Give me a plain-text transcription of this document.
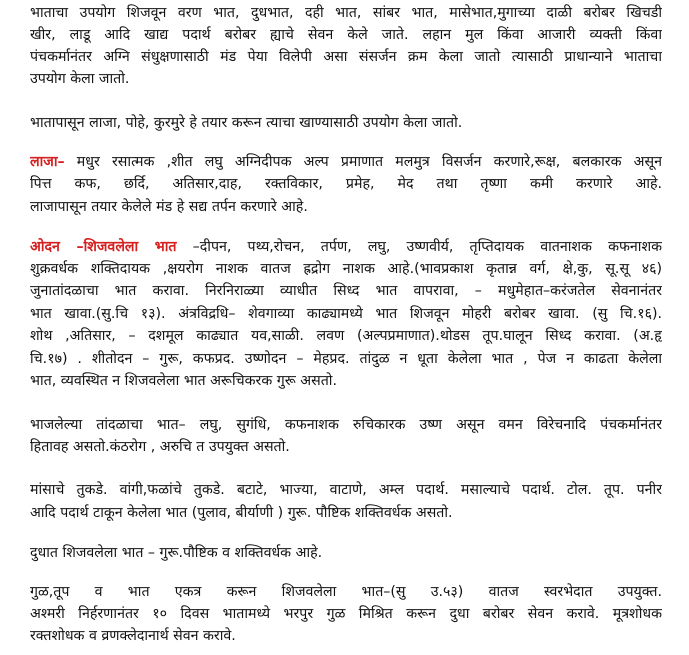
भाताचा उपयोग शिजवून वरण भात, दुधभात, दही भात, सांबर भात, मासेभात,मुगाच्या दाळी बरोबर खिचडी
खीर, लाडू आदि खाद्य पदार्थ बरोबर ह्याचे सेवन केले जाते. लहान मुल किंवा आजारी व्यक्ती किंवा
पंचकर्मानंतर अग्नि संधुक्षणासाठी मंड पेया विलेपी असा संसर्जन क्रम केला जातो त्यासाठी प्राधान्याने भाताचा
उपयोग केला जातो.
भातापासून लाजा, पोहे, कुरमुरे हे तयार करून त्याचा खाण्यासाठी उपयोग केला जातो.
लाजा– मधुर रसात्मक ,शीत लघु अग्निदीपक अल्प प्रमाणात मलमुत्र विसर्जन करणारे,रूक्ष, बलकारक असून
पित्त कफ, छर्दि, अतिसार,दाह, रक्तविकार, प्रमेह, मेद तथा तृष्णा कमी करणारे आहे.
लाजापासून तयार केलेले मंड हे सद्य तर्पन करणारे आहे.
ओदन –शिजवलेला भात –दीपन, पथ्य,रोचन, तर्पण, लघु, उष्णवीर्य, तृप्तिदायक वातनाशक कफनाशक
शुक्रवर्धक शक्तिदायक ,क्षयरोग नाशक वातज ह्रद्रोग नाशक आहे.(भावप्रकाश कृतान्न वर्ग, क्षे,कु, सू.सू ४६)
जुनातांदळाचा भात करावा. निरनिराळ्या व्याधीत सिध्द भात वापरावा, – मधुमेहात–करंजतेल सेवनानंतर
भात खावा.(सु.चि १३). अंत्रविद्रधि– शेवगाव्या काढ्यामध्ये भात शिजवून मोहरी बरोबर खावा. (सु चि.१६).
शोथ ,अतिसार, – दशमूल काढ्यात यव,साळी. लवण (अल्पप्रमाणात).थोडस तूप.घालून सिध्द करावा. (अ.हृ
चि.१७) . शीतोदन – गुरू, कफप्रद. उष्णोदन – मेहप्रद. तांदुळ न धूता केलेला भात , पेज न काढता केलेला
भात, व्यवस्थित न शिजवलेला भात अरूचिकरक गुरू असतो.
भाजलेल्या तांदळाचा भात– लघु, सुगंधि, कफनाशक रुचिकारक उष्ण असून वमन विरेचनादि पंचकर्मानंतर
हितावह असतो.कंठरोग , अरुचि त उपयुक्त असतो.
मांसाचे तुकडे. वांगी,फळांचे तुकडे. बटाटे, भाज्या, वाटाणे, अम्ल पदार्थ. मसाल्याचे पदार्थ. टोल. तूप. पनीर
आदि पदार्थ टाकून केलेला भात (पुलाव, बीर्याणी ) गुरू. पौष्टिक शक्तिवर्धक असतो.
दुधात शिजवलेला भात – गुरू.पौष्टिक व शक्तिवर्धक आहे.
गुळ,तूप व भात एकत्र करून शिजवलेला भात–(सु उ.५३) वातज स्वरभेदात उपयुक्त.
अश्मरी निर्हरणानंतर १० दिवस भातामध्ये भरपुर गुळ मिश्रित करून दुधा बरोबर सेवन करावे. मूत्रशोधक
रक्तशोधक व व्रणक्लेदानार्थ सेवन करावे.
